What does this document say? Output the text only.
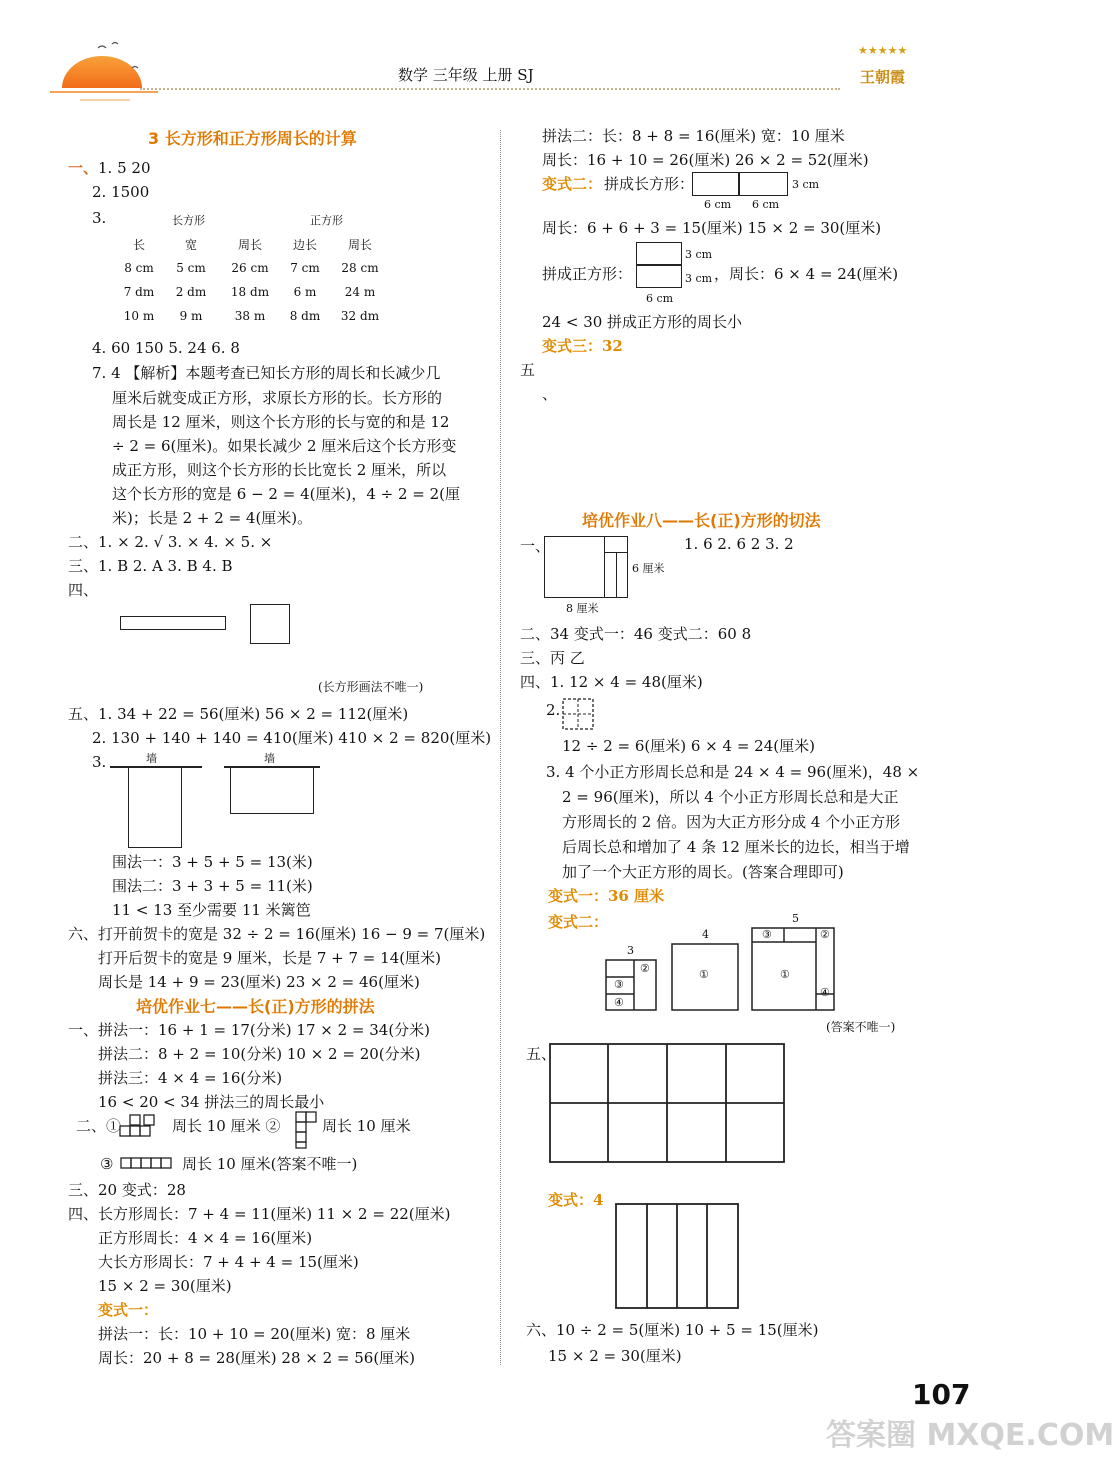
数学 三年级 上册 SJ
★★★★★
王朝霞
3 长方形和正方形周长的计算
一、1. 5 20
2. 1500
3.	长方形	正方形
长	宽	周长	边长	周长
8 cm	5 cm	26 cm	7 cm	28 cm
7 dm	2 dm	18 dm	6 m	24 m
10 m	9 m	38 m	8 dm	32 dm
4. 60 150 5. 24 6. 8
7. 4 【解析】本题考查已知长方形的周长和长减少几
厘米后就变成正方形，求原长方形的长。长方形的
周长是 12 厘米，则这个长方形的长与宽的和是 12
÷ 2 = 6(厘米)。如果长减少 2 厘米后这个长方形变
成正方形，则这个长方形的长比宽长 2 厘米，所以
这个长方形的宽是 6 − 2 = 4(厘米)，4 ÷ 2 = 2(厘
米)；长是 2 + 2 = 4(厘米)。
二、1. × 2. √ 3. × 4. × 5. ×
三、1. B 2. A 3. B 4. B
四、
(长方形画法不唯一)
五、1. 34 + 22 = 56(厘米) 56 × 2 = 112(厘米)
2. 130 + 140 + 140 = 410(厘米) 410 × 2 = 820(厘米)
3.	墙	墙
围法一：3 + 5 + 5 = 13(米)
围法二：3 + 3 + 5 = 11(米)
11 < 13 至少需要 11 米篱笆
六、打开前贺卡的宽是 32 ÷ 2 = 16(厘米) 16 − 9 = 7(厘米)
打开后贺卡的宽是 9 厘米，长是 7 + 7 = 14(厘米)
周长是 14 + 9 = 23(厘米) 23 × 2 = 46(厘米)
培优作业七——长(正)方形的拼法
一、拼法一：16 + 1 = 17(分米) 17 × 2 = 34(分米)
拼法二：8 + 2 = 10(分米) 10 × 2 = 20(分米)
拼法三：4 × 4 = 16(分米)
16 < 20 < 34 拼法三的周长最小
二、①	周长 10 厘米 ②	周长 10 厘米
③	周长 10 厘米(答案不唯一)
三、20 变式：28
四、长方形周长：7 + 4 = 11(厘米) 11 × 2 = 22(厘米)
正方形周长：4 × 4 = 16(厘米)
大长方形周长：7 + 4 + 4 = 15(厘米)
15 × 2 = 30(厘米)
变式一：
拼法一：长：10 + 10 = 20(厘米) 宽：8 厘米
周长：20 + 8 = 28(厘米) 28 × 2 = 56(厘米)
拼法二：长：8 + 8 = 16(厘米) 宽：10 厘米
周长：16 + 10 = 26(厘米) 26 × 2 = 52(厘米)
变式二： 拼成长方形：	3 cm
6 cm 6 cm
周长：6 + 6 + 3 = 15(厘米) 15 × 2 = 30(厘米)
拼成正方形：
3 cm
3 cm
6 cm
，周长：6 × 4 = 24(厘米)
24 < 30 拼成正方形的周长小
变式三：32
五
、
培优作业八——长(正)方形的切法
一、
6 厘米
8 厘米
1. 6 2. 6 2 3. 2
二、34 变式一：46 变式二：60 8
三、丙 乙
四、1. 12 × 4 = 48(厘米)
2.
12 ÷ 2 = 6(厘米) 6 × 4 = 24(厘米)
3. 4 个小正方形周长总和是 24 × 4 = 96(厘米)，48 ×
2 = 96(厘米)，所以 4 个小正方形周长总和是大正
方形周长的 2 倍。因为大正方形分成 4 个小正方形
后周长总和增加了 4 条 12 厘米长的边长，相当于增
加了一个大正方形的周长。(答案合理即可)
变式一：36 厘米
变式二：
3
4
5
②
③
④
①
③	②
①
④
(答案不唯一)
五、
变式：4
六、10 ÷ 2 = 5(厘米) 10 + 5 = 15(厘米)
15 × 2 = 30(厘米)
107
答案圈 MXQE.COM
